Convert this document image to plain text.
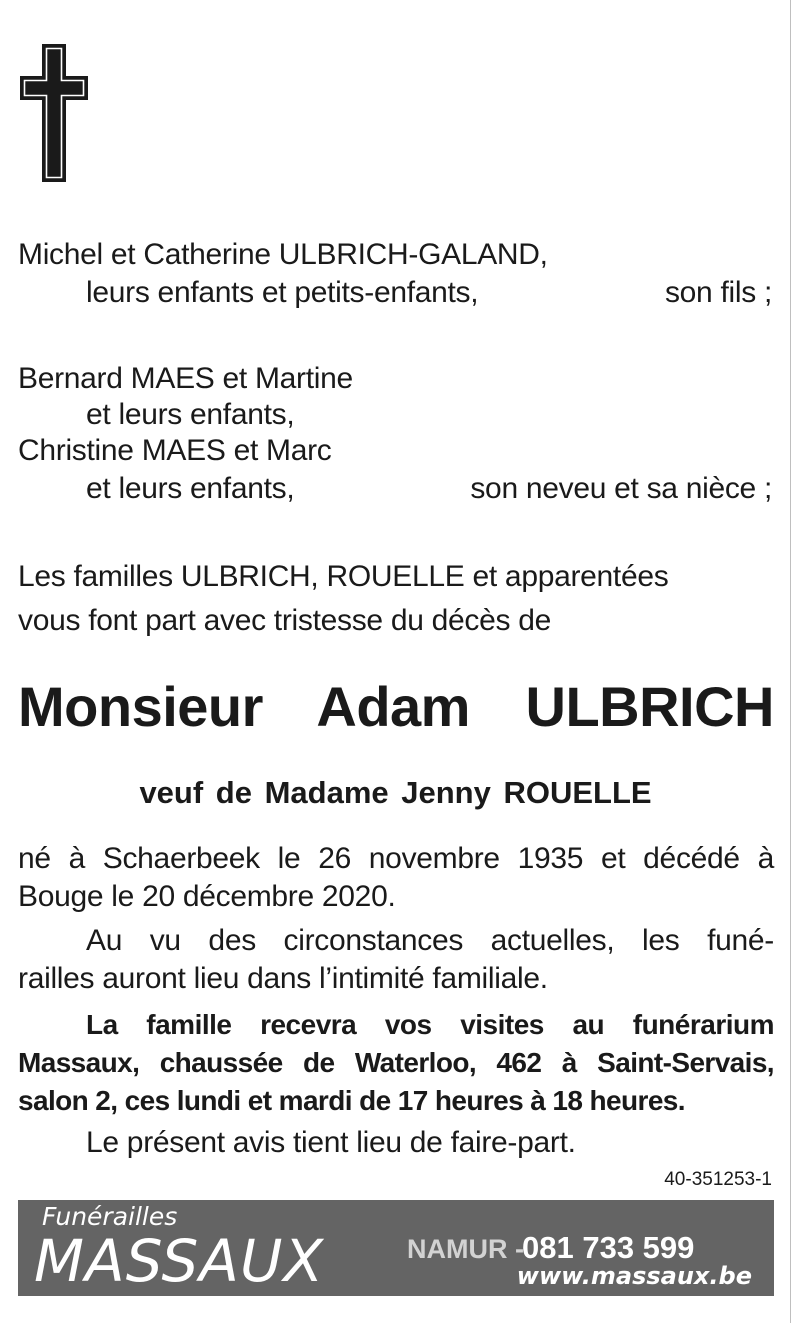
Michel et Catherine ULBRICH-GALAND,
leurs enfants et petits-enfants,	son fils ;
Bernard MAES et Martine
et leurs enfants,
Christine MAES et Marc
et leurs enfants,	son neveu et sa nièce ;
Les familles ULBRICH, ROUELLE et apparentées
vous font part avec tristesse du décès de
Monsieur Adam ULBRICH
veuf de Madame Jenny ROUELLE
né à Schaerbeek le 26 novembre 1935 et décédé à
Bouge le 20 décembre 2020.
Au vu des circonstances actuelles, les funé-
railles auront lieu dans l’intimité familiale.
La famille recevra vos visites au funérarium
Massaux, chaussée de Waterloo, 462 à Saint-Servais,
salon 2, ces lundi et mardi de 17 heures à 18 heures.
Le présent avis tient lieu de faire-part.
40-351253-1
Funérailles
MASSAUX	NAMUR -
081 733 599
www.massaux.be
